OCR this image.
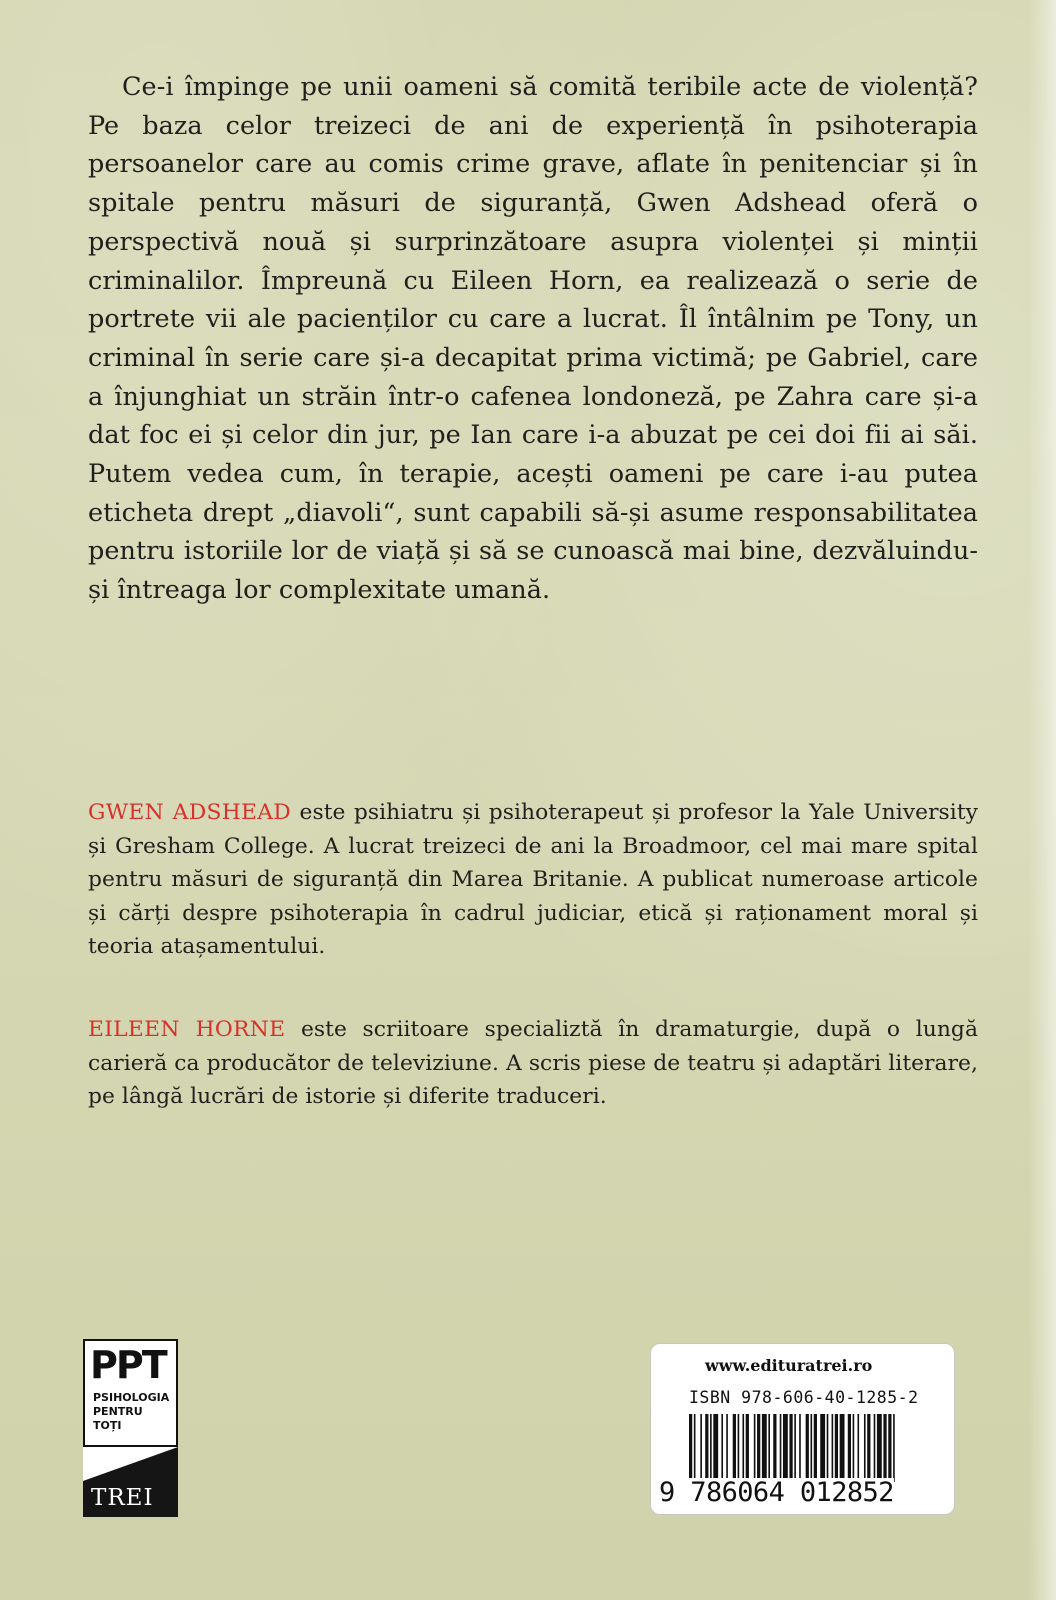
Ce-i împinge pe unii oameni să comită teribile acte de violență? Pe baza celor treizeci de ani de experiență în psihoterapia persoanelor care au comis crime grave, aflate în penitenciar și în spitale pentru măsuri de siguranță, Gwen Adshead oferă o perspectivă nouă și surprinzătoare asupra violenței și minții criminalilor. Împreună cu Eileen Horn, ea realizează o serie de portrete vii ale pacienților cu care a lucrat. Îl întâlnim pe Tony, un criminal în serie care și-a decapitat prima victimă; pe Gabriel, care a înjunghiat un străin într-o cafenea londoneză, pe Zahra care și-a dat foc ei și celor din jur, pe Ian care i-a abuzat pe cei doi fii ai săi. Putem vedea cum, în terapie, acești oameni pe care i-au putea eticheta drept „diavoli“, sunt capabili să-și asume responsabilitatea pentru istoriile lor de viață și să se cunoască mai bine, dezvăluindu-și întreaga lor complexitate umană.

GWEN ADSHEAD este psihiatru și psihoterapeut și profesor la Yale University și Gresham College. A lucrat treizeci de ani la Broadmoor, cel mai mare spital pentru măsuri de siguranță din Marea Britanie. A publicat numeroase articole și cărți despre psihoterapia în cadrul judiciar, etică și raționament moral și teoria atașamentului.

EILEEN HORNE este scriitoare specializtă în dramaturgie, după o lungă carieră ca producător de televiziune. A scris piese de teatru și adaptări literare, pe lângă lucrări de istorie și diferite traduceri.

PPT
PSIHOLOGIA
PENTRU
TOȚI
TREI
www.edituratrei.ro
ISBN 978-606-40-1285-2
9 786064 012852
